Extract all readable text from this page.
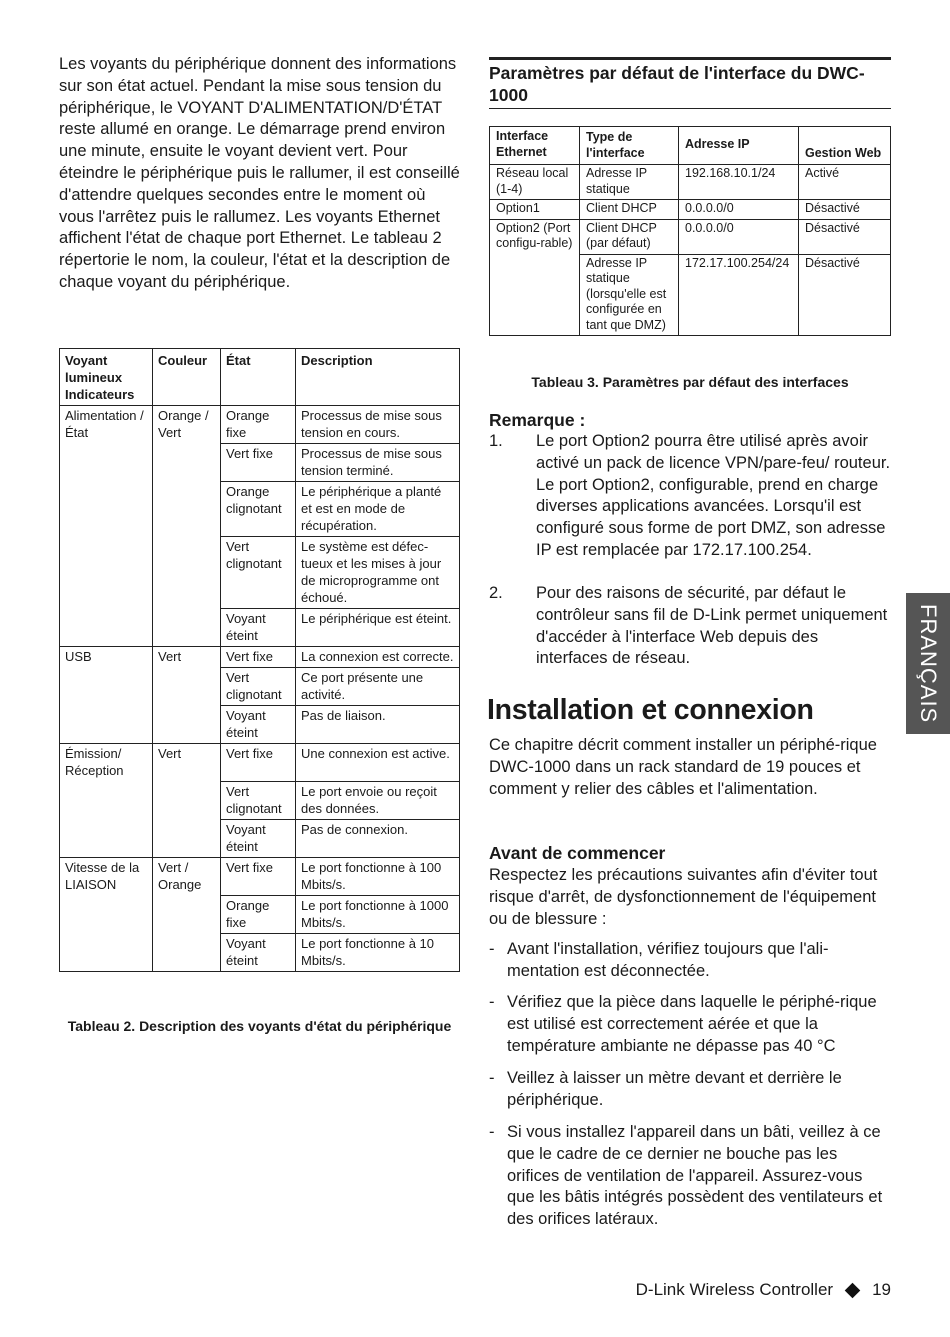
Les voyants du périphérique donnent des informations sur son état actuel. Pendant la mise sous tension du périphérique, le VOYANT D'ALIMENTATION/D'ÉTAT reste allumé en orange. Le démarrage prend environ une minute, ensuite le voyant devient vert. Pour éteindre le périphérique puis le rallumer, il est conseillé d'attendre quelques secondes entre le moment où vous l'arrêtez puis le rallumez. Les voyants Ethernet affichent l'état de chaque port Ethernet. Le tableau 2 répertorie le nom, la couleur, l'état et la description de chaque voyant du périphérique.
Voyant lumineux Indicateurs	Couleur	État	Description
Alimentation / État	Orange / Vert	Orange fixe	Processus de mise sous tension en cours.
		Vert fixe	Processus de mise sous tension terminé.
		Orange clignotant	Le périphérique a planté et est en mode de récupération.
		Vert clignotant	Le système est défec-tueux et les mises à jour de microprogramme ont échoué.
		Voyant éteint	Le périphérique est éteint.
USB	Vert	Vert fixe	La connexion est correcte.
		Vert clignotant	Ce port présente une activité.
		Voyant éteint	Pas de liaison.
Émission/ Réception	Vert	Vert fixe	Une connexion est active.
		Vert clignotant	Le port envoie ou reçoit des données.
		Voyant éteint	Pas de connexion.
Vitesse de la LIAISON	Vert / Orange	Vert fixe	Le port fonctionne à 100 Mbits/s.
		Orange fixe	Le port fonctionne à 1000 Mbits/s.
		Voyant éteint	Le port fonctionne à 10 Mbits/s.
Tableau 2. Description des voyants d'état du périphérique
Paramètres par défaut de l'interface du DWC-1000
Interface Ethernet	Type de l'interface	Adresse IP	Gestion Web
Réseau local (1-4)	Adresse IP statique	192.168.10.1/24	Activé
Option1	Client DHCP	0.0.0.0/0	Désactivé
Option2 (Port configu-rable)	Client DHCP (par défaut)	0.0.0.0/0	Désactivé
	Adresse IP statique (lorsqu'elle est configurée en tant que DMZ)	172.17.100.254/24	Désactivé
Tableau 3. Paramètres par défaut des interfaces
Remarque :
1. Le port Option2 pourra être utilisé après avoir activé un pack de licence VPN/pare-feu/ routeur. Le port Option2, configurable, prend en charge diverses applications avancées. Lorsqu'il est configuré sous forme de port DMZ, son adresse IP est remplacée par 172.17.100.254.
2. Pour des raisons de sécurité, par défaut le contrôleur sans fil de D-Link permet uniquement d'accéder à l'interface Web depuis des interfaces de réseau.
Installation et connexion
Ce chapitre décrit comment installer un périphé-rique DWC-1000 dans un rack standard de 19 pouces et comment y relier des câbles et l'alimentation.
Avant de commencer
Respectez les précautions suivantes afin d'éviter tout risque d'arrêt, de dysfonctionnement de l'équipement ou de blessure :
- Avant l'installation, vérifiez toujours que l'ali-mentation est déconnectée.
- Vérifiez que la pièce dans laquelle le périphé-rique est utilisé est correctement aérée et que la température ambiante ne dépasse pas 40 °C
- Veillez à laisser un mètre devant et derrière le périphérique.
- Si vous installez l'appareil dans un bâti, veillez à ce que le cadre de ce dernier ne bouche pas les orifices de ventilation de l'appareil. Assurez-vous que les bâtis intégrés possèdent des ventilateurs et des orifices latéraux.
FRANÇAIS
D-Link Wireless Controller 19
